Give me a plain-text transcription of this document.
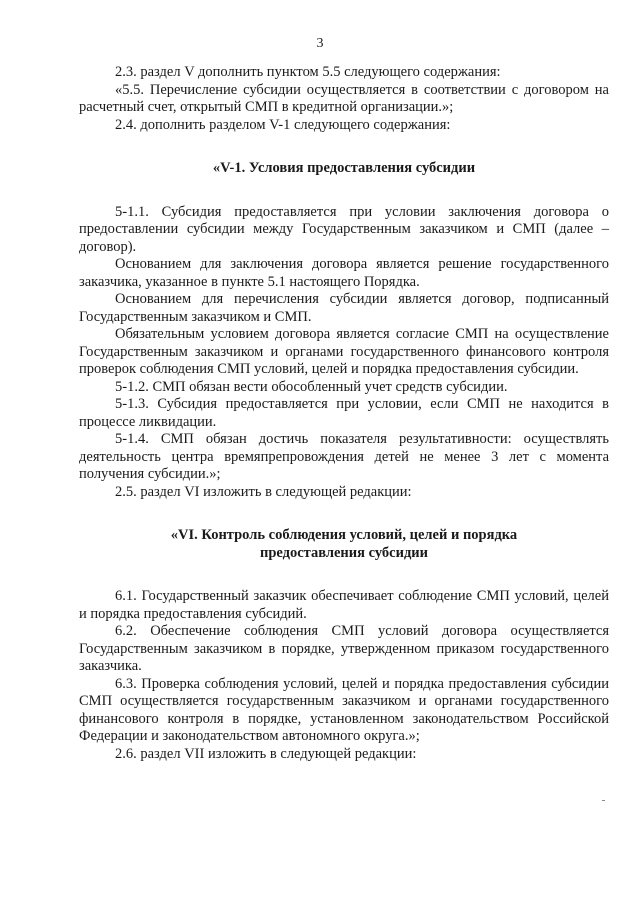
3

2.3. раздел V дополнить пунктом 5.5 следующего содержания:

«5.5. Перечисление субсидии осуществляется в соответствии с договором на расчетный счет, открытый СМП в кредитной организации.»;

2.4. дополнить разделом V-1 следующего содержания:

«V-1. Условия предоставления субсидии

5-1.1. Субсидия предоставляется при условии заключения договора о предоставлении субсидии между Государственным заказчиком и СМП (далее – договор).

Основанием для заключения договора является решение государственного заказчика, указанное в пункте 5.1 настоящего Порядка.

Основанием для перечисления субсидии является договор, подписанный Государственным заказчиком и СМП.

Обязательным условием договора является согласие СМП на осуществление Государственным заказчиком и органами государственного финансового контроля проверок соблюдения СМП условий, целей и порядка предоставления субсидии.

5-1.2. СМП обязан вести обособленный учет средств субсидии.

5-1.3. Субсидия предоставляется при условии, если СМП не находится в процессе ликвидации.

5-1.4. СМП обязан достичь показателя результативности: осуществлять деятельность центра времяпрепровождения детей не менее 3 лет с момента получения субсидии.»;

2.5. раздел VI изложить в следующей редакции:

«VI. Контроль соблюдения условий, целей и порядка
предоставления субсидии

6.1. Государственный заказчик обеспечивает соблюдение СМП условий, целей и порядка предоставления субсидий.

6.2. Обеспечение соблюдения СМП условий договора осуществляется Государственным заказчиком в порядке, утвержденном приказом государственного заказчика.

6.3. Проверка соблюдения условий, целей и порядка предоставления субсидии СМП осуществляется государственным заказчиком и органами государственного финансового контроля в порядке, установленном законодательством Российской Федерации и законодательством автономного округа.»;

2.6. раздел VII изложить в следующей редакции:
